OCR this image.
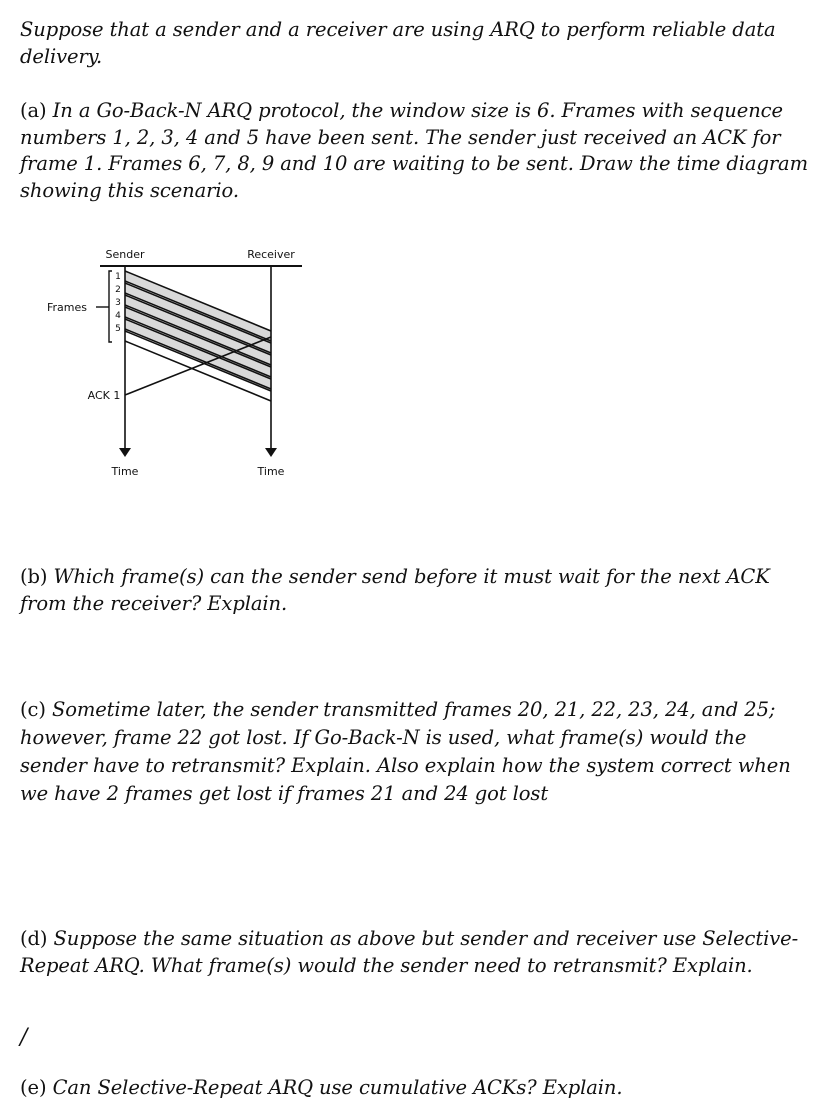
Suppose that a sender and a receiver are using ARQ to perform reliable data delivery.
(a) In a Go-Back-N ARQ protocol, the window size is 6. Frames with sequence numbers 1, 2, 3, 4 and 5 have been sent. The sender just received an ACK for frame 1. Frames 6, 7, 8, 9 and 10 are waiting to be sent. Draw the time diagram showing this scenario.
Sender	Receiver
1
2
3
4
5
Frames
ACK 1
Time	Time
(b) Which frame(s) can the sender send before it must wait for the next ACK from the receiver? Explain.
(c) Sometime later, the sender transmitted frames 20, 21, 22, 23, 24, and 25; however, frame 22 got lost. If Go-Back-N is used, what frame(s) would the sender have to retransmit? Explain. Also explain how the system correct when we have 2 frames get lost if frames 21 and 24 got lost
(d) Suppose the same situation as above but sender and receiver use Selective-Repeat ARQ. What frame(s) would the sender need to retransmit? Explain.
/
(e) Can Selective-Repeat ARQ use cumulative ACKs? Explain.
